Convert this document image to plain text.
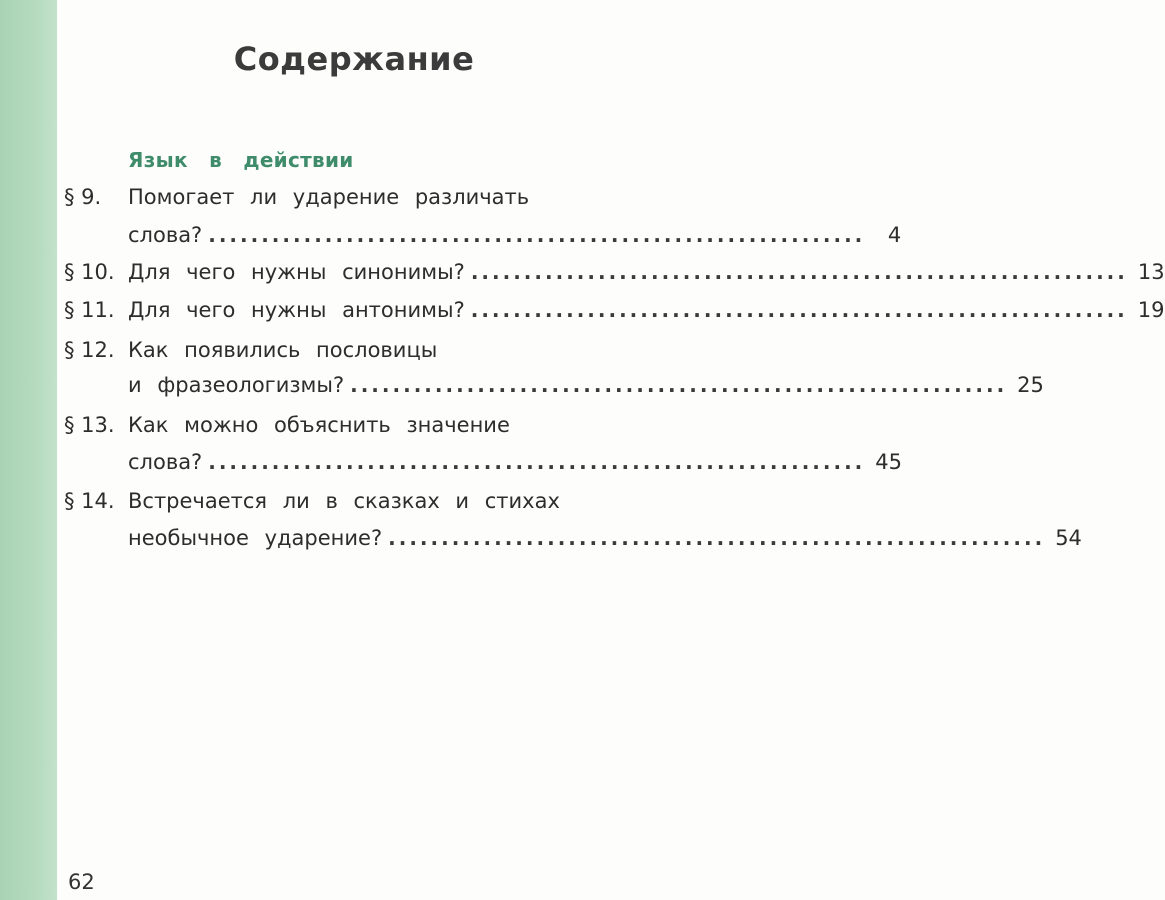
Содержание
Язык в действии
§ 9. Помогает ли ударение различать
слова? ..............................................................	4
§ 10. Для чего нужны синонимы? .............................................................. 13
§ 11. Для чего нужны антонимы? .............................................................. 19
§ 12. Как появились пословицы
и фразеологизмы? .............................................................. 25
§ 13. Как можно объяснить значение
слова? .............................................................. 45
§ 14. Встречается ли в сказках и стихах
необычное ударение? .............................................................. 54
62
